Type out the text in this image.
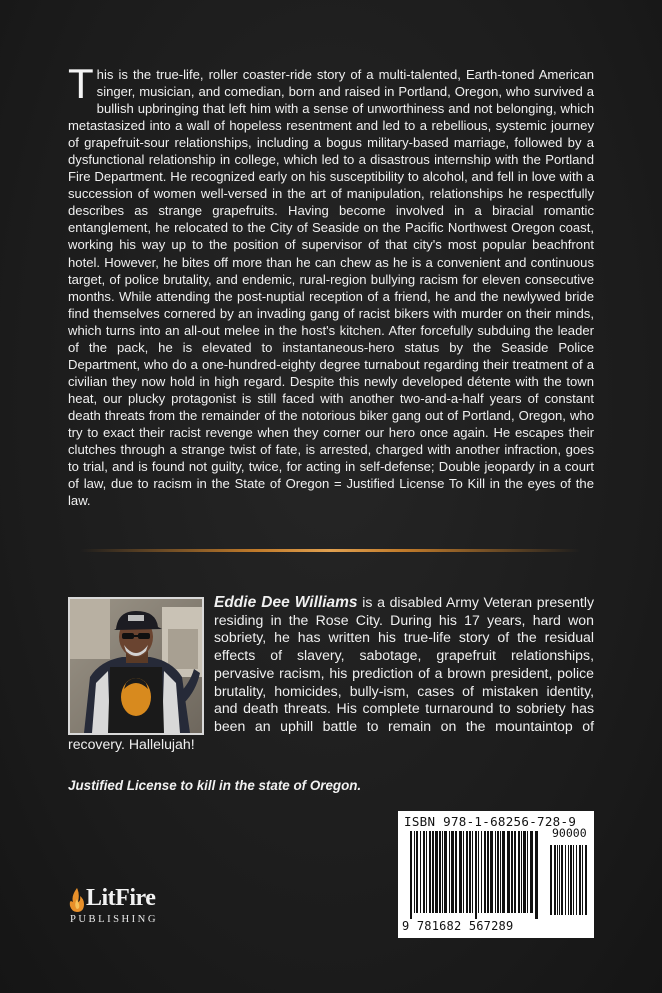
This is the true-life, roller coaster-ride story of a multi-talented, Earth-toned American singer, musician, and comedian, born and raised in Portland, Oregon, who survived a bullish upbringing that left him with a sense of unworthiness and not belonging, which metastasized into a wall of hopeless resentment and led to a rebellious, systemic journey of grapefruit-sour relationships, including a bogus military-based marriage, followed by a dysfunctional relationship in college, which led to a disastrous internship with the Portland Fire Department. He recognized early on his susceptibility to alcohol, and fell in love with a succession of women well-versed in the art of manipulation, relationships he respectfully describes as strange grapefruits. Having become involved in a biracial romantic entanglement, he relocated to the City of Seaside on the Pacific Northwest Oregon coast, working his way up to the position of supervisor of that city's most popular beachfront hotel. However, he bites off more than he can chew as he is a convenient and continuous target, of police brutality, and endemic, rural-region bullying racism for eleven consecutive months. While attending the post-nuptial reception of a friend, he and the newlywed bride find themselves cornered by an invading gang of racist bikers with murder on their minds, which turns into an all-out melee in the host's kitchen. After forcefully subduing the leader of the pack, he is elevated to instantaneous-hero status by the Seaside Police Department, who do a one-hundred-eighty degree turnabout regarding their treatment of a civilian they now hold in high regard. Despite this newly developed détente with the town heat, our plucky protagonist is still faced with another two-and-a-half years of constant death threats from the remainder of the notorious biker gang out of Portland, Oregon, who try to exact their racist revenge when they corner our hero once again. He escapes their clutches through a strange twist of fate, is arrested, charged with another infraction, goes to trial, and is found not guilty, twice, for acting in self-defense; Double jeopardy in a court of law, due to racism in the State of Oregon = Justified License To Kill in the eyes of the law.
Eddie Dee Williams is a disabled Army Veteran presently residing in the Rose City. During his 17 years, hard won sobriety, he has written his true-life story of the residual effects of slavery, sabotage, grapefruit relationships, pervasive racism, his prediction of a brown president, police brutality, homicides, bully-ism, cases of mistaken identity, and death threats. His complete turnaround to sobriety has been an uphill battle to remain on the mountaintop of recovery. Hallelujah!
Justified License to kill in the state of Oregon.
ISBN 978-1-68256-728-9
90000
9 781682 567289
LitFire
PUBLISHING
